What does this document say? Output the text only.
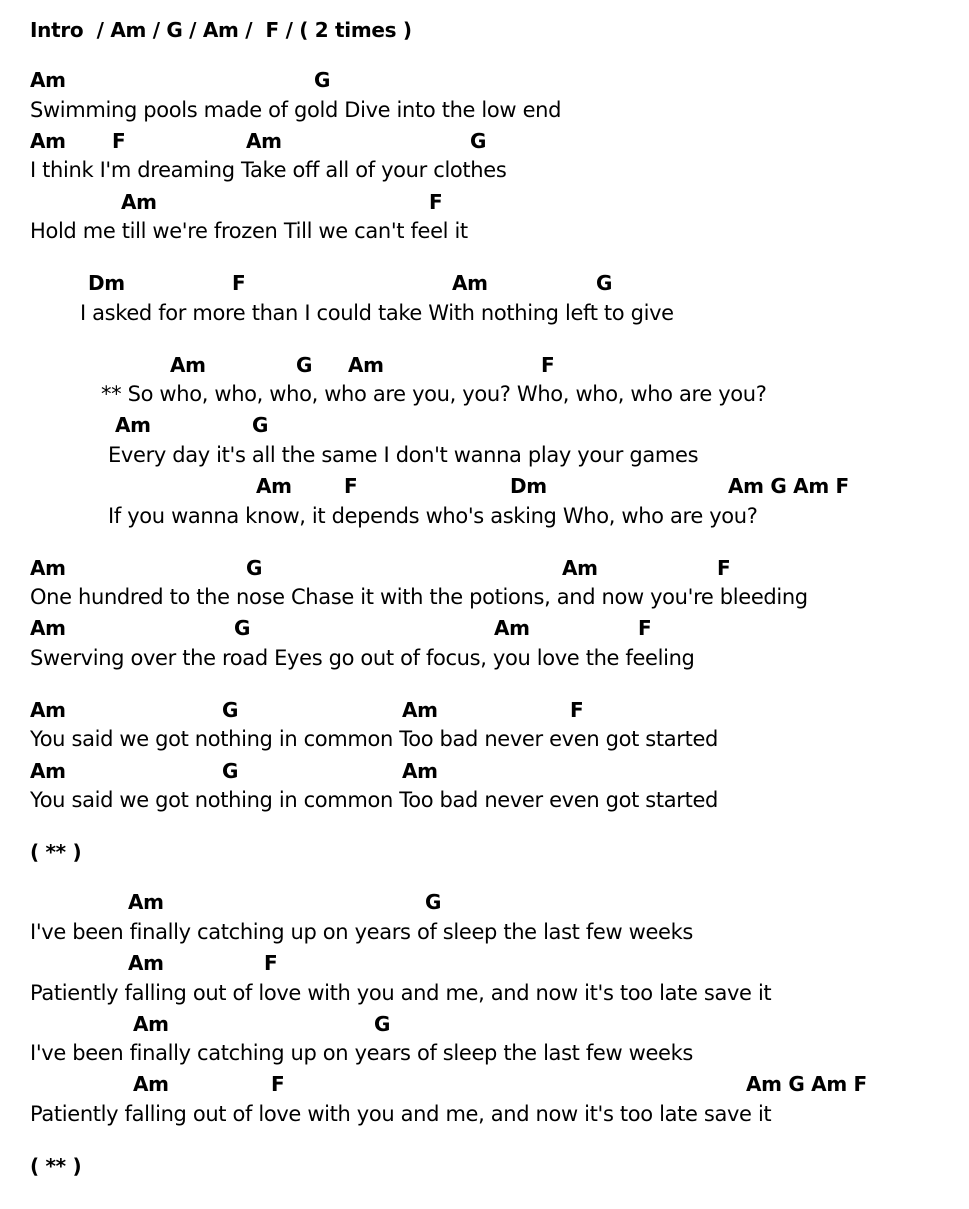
Intro  / Am / G / Am /  F / ( 2 times )
Am	G
Swimming pools made of gold Dive into the low end
Am F	Am	G
I think I'm dreaming Take off all of your clothes
Am	F
Hold me till we're frozen Till we can't feel it
Dm	F	Am	G
I asked for more than I could take With nothing left to give
Am	G Am	F
** So who, who, who, who are you, you? Who, who, who are you?
Am	G
Every day it's all the same I don't wanna play your games
Am	F	Dm	Am G Am F
If you wanna know, it depends who's asking Who, who are you?
Am	G	Am	F
One hundred to the nose Chase it with the potions, and now you're bleeding
Am	G	Am	F
Swerving over the road Eyes go out of focus, you love the feeling
Am	G	Am	F
You said we got nothing in common Too bad never even got started
Am	G	Am
You said we got nothing in common Too bad never even got started
( ** )
Am	G
I've been finally catching up on years of sleep the last few weeks
Am	F
Patiently falling out of love with you and me, and now it's too late save it
Am	G
I've been finally catching up on years of sleep the last few weeks
Am	F	Am G Am F
Patiently falling out of love with you and me, and now it's too late save it
( ** )
